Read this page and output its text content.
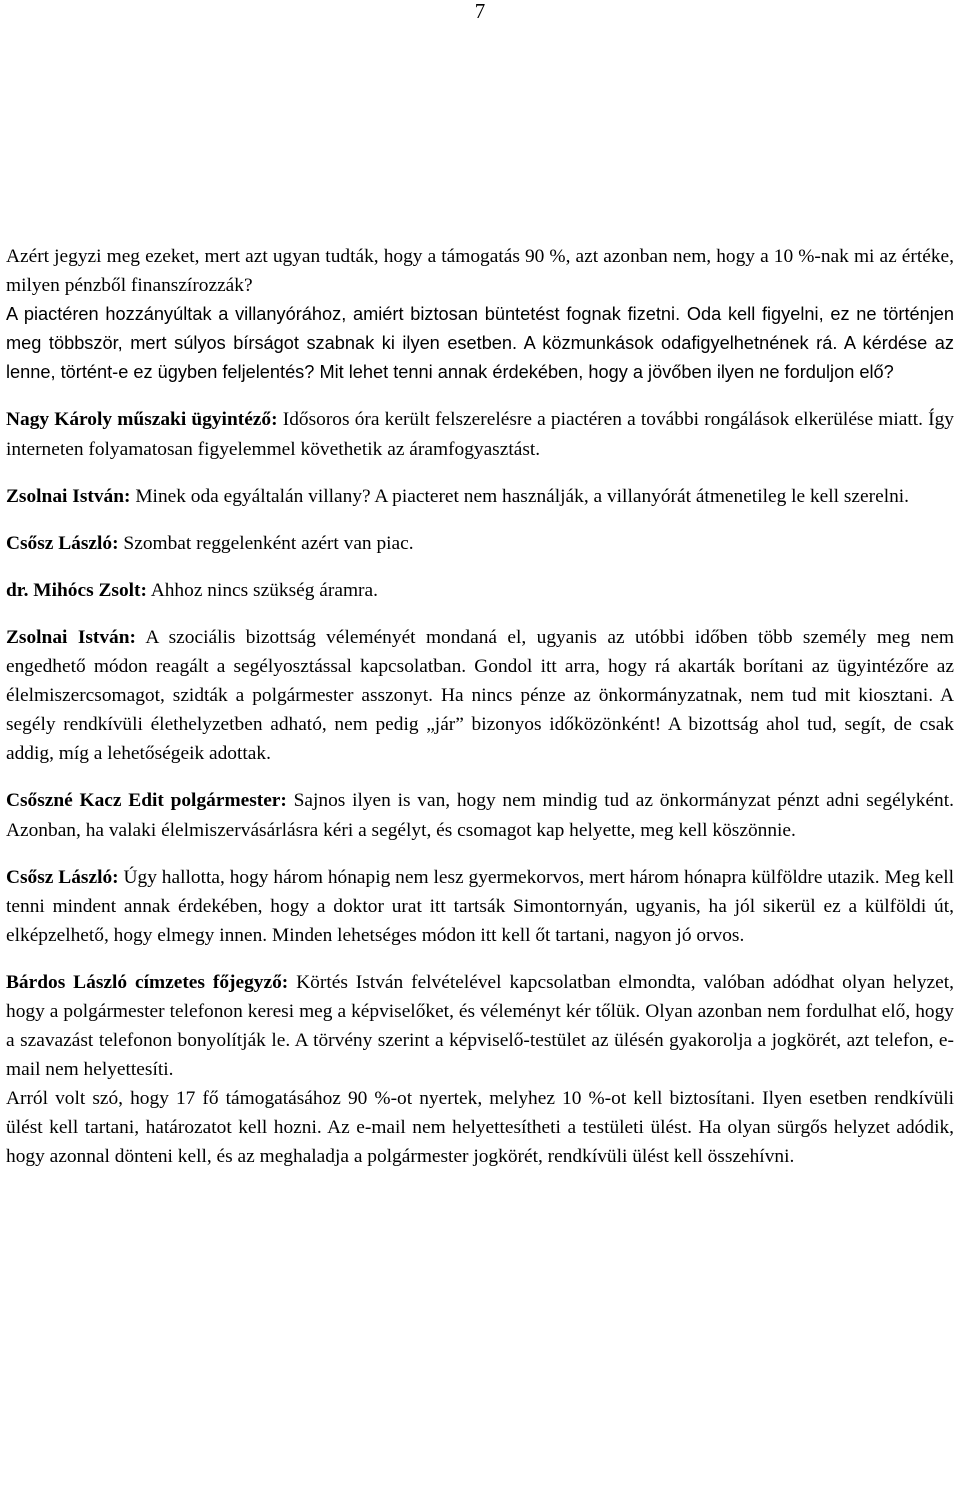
7

Azért jegyzi meg ezeket, mert azt ugyan tudták, hogy a támogatás 90 %, azt azonban nem, hogy a 10 %-nak mi az értéke, milyen pénzből finanszírozzák?

A piactéren hozzányúltak a villanyórához, amiért biztosan büntetést fognak fizetni. Oda kell figyelni, ez ne történjen meg többször, mert súlyos bírságot szabnak ki ilyen esetben. A közmunkások odafigyelhetnének rá. A kérdése az lenne, történt-e ez ügyben feljelentés? Mit lehet tenni annak érdekében, hogy a jövőben ilyen ne forduljon elő?

Nagy Károly műszaki ügyintéző: Idősoros óra került felszerelésre a piactéren a további rongálások elkerülése miatt. Így interneten folyamatosan figyelemmel követhetik az áramfogyasztást.

Zsolnai István: Minek oda egyáltalán villany? A piacteret nem használják, a villanyórát átmenetileg le kell szerelni.

Csősz László: Szombat reggelenként azért van piac.

dr. Mihócs Zsolt: Ahhoz nincs szükség áramra.

Zsolnai István: A szociális bizottság véleményét mondaná el, ugyanis az utóbbi időben több személy meg nem engedhető módon reagált a segélyosztással kapcsolatban. Gondol itt arra, hogy rá akarták borítani az ügyintézőre az élelmiszercsomagot, szidták a polgármester asszonyt. Ha nincs pénze az önkormányzatnak, nem tud mit kiosztani. A segély rendkívüli élethelyzetben adható, nem pedig „jár” bizonyos időközönként! A bizottság ahol tud, segít, de csak addig, míg a lehetőségeik adottak.

Csőszné Kacz Edit polgármester: Sajnos ilyen is van, hogy nem mindig tud az önkormányzat pénzt adni segélyként. Azonban, ha valaki élelmiszervásárlásra kéri a segélyt, és csomagot kap helyette, meg kell köszönnie.

Csősz László: Úgy hallotta, hogy három hónapig nem lesz gyermekorvos, mert három hónapra külföldre utazik. Meg kell tenni mindent annak érdekében, hogy a doktor urat itt tartsák Simontornyán, ugyanis, ha jól sikerül ez a külföldi út, elképzelhető, hogy elmegy innen. Minden lehetséges módon itt kell őt tartani, nagyon jó orvos.

Bárdos László címzetes főjegyző: Körtés István felvételével kapcsolatban elmondta, valóban adódhat olyan helyzet, hogy a polgármester telefonon keresi meg a képviselőket, és véleményt kér tőlük. Olyan azonban nem fordulhat elő, hogy a szavazást telefonon bonyolítják le. A törvény szerint a képviselő-testület az ülésén gyakorolja a jogkörét, azt telefon, e-mail nem helyettesíti.

Arról volt szó, hogy 17 fő támogatásához 90 %-ot nyertek, melyhez 10 %-ot kell biztosítani. Ilyen esetben rendkívüli ülést kell tartani, határozatot kell hozni. Az e-mail nem helyettesítheti a testületi ülést. Ha olyan sürgős helyzet adódik, hogy azonnal dönteni kell, és az meghaladja a polgármester jogkörét, rendkívüli ülést kell összehívni.
